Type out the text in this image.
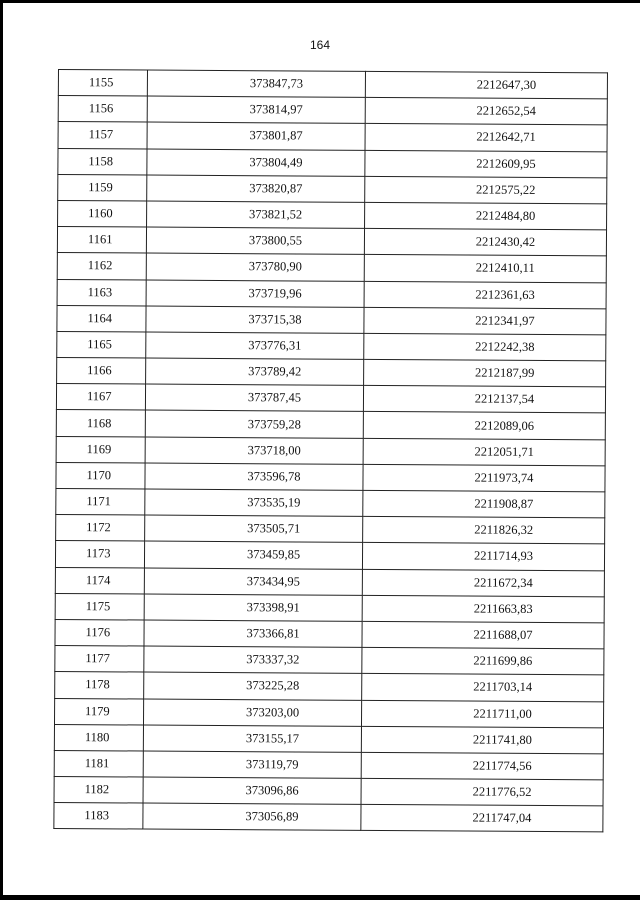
164
1155	373847,73	2212647,30
1156	373814,97	2212652,54
1157	373801,87	2212642,71
1158	373804,49	2212609,95
1159	373820,87	2212575,22
1160	373821,52	2212484,80
1161	373800,55	2212430,42
1162	373780,90	2212410,11
1163	373719,96	2212361,63
1164	373715,38	2212341,97
1165	373776,31	2212242,38
1166	373789,42	2212187,99
1167	373787,45	2212137,54
1168	373759,28	2212089,06
1169	373718,00	2212051,71
1170	373596,78	2211973,74
1171	373535,19	2211908,87
1172	373505,71	2211826,32
1173	373459,85	2211714,93
1174	373434,95	2211672,34
1175	373398,91	2211663,83
1176	373366,81	2211688,07
1177	373337,32	2211699,86
1178	373225,28	2211703,14
1179	373203,00	2211711,00
1180	373155,17	2211741,80
1181	373119,79	2211774,56
1182	373096,86	2211776,52
1183	373056,89	2211747,04
